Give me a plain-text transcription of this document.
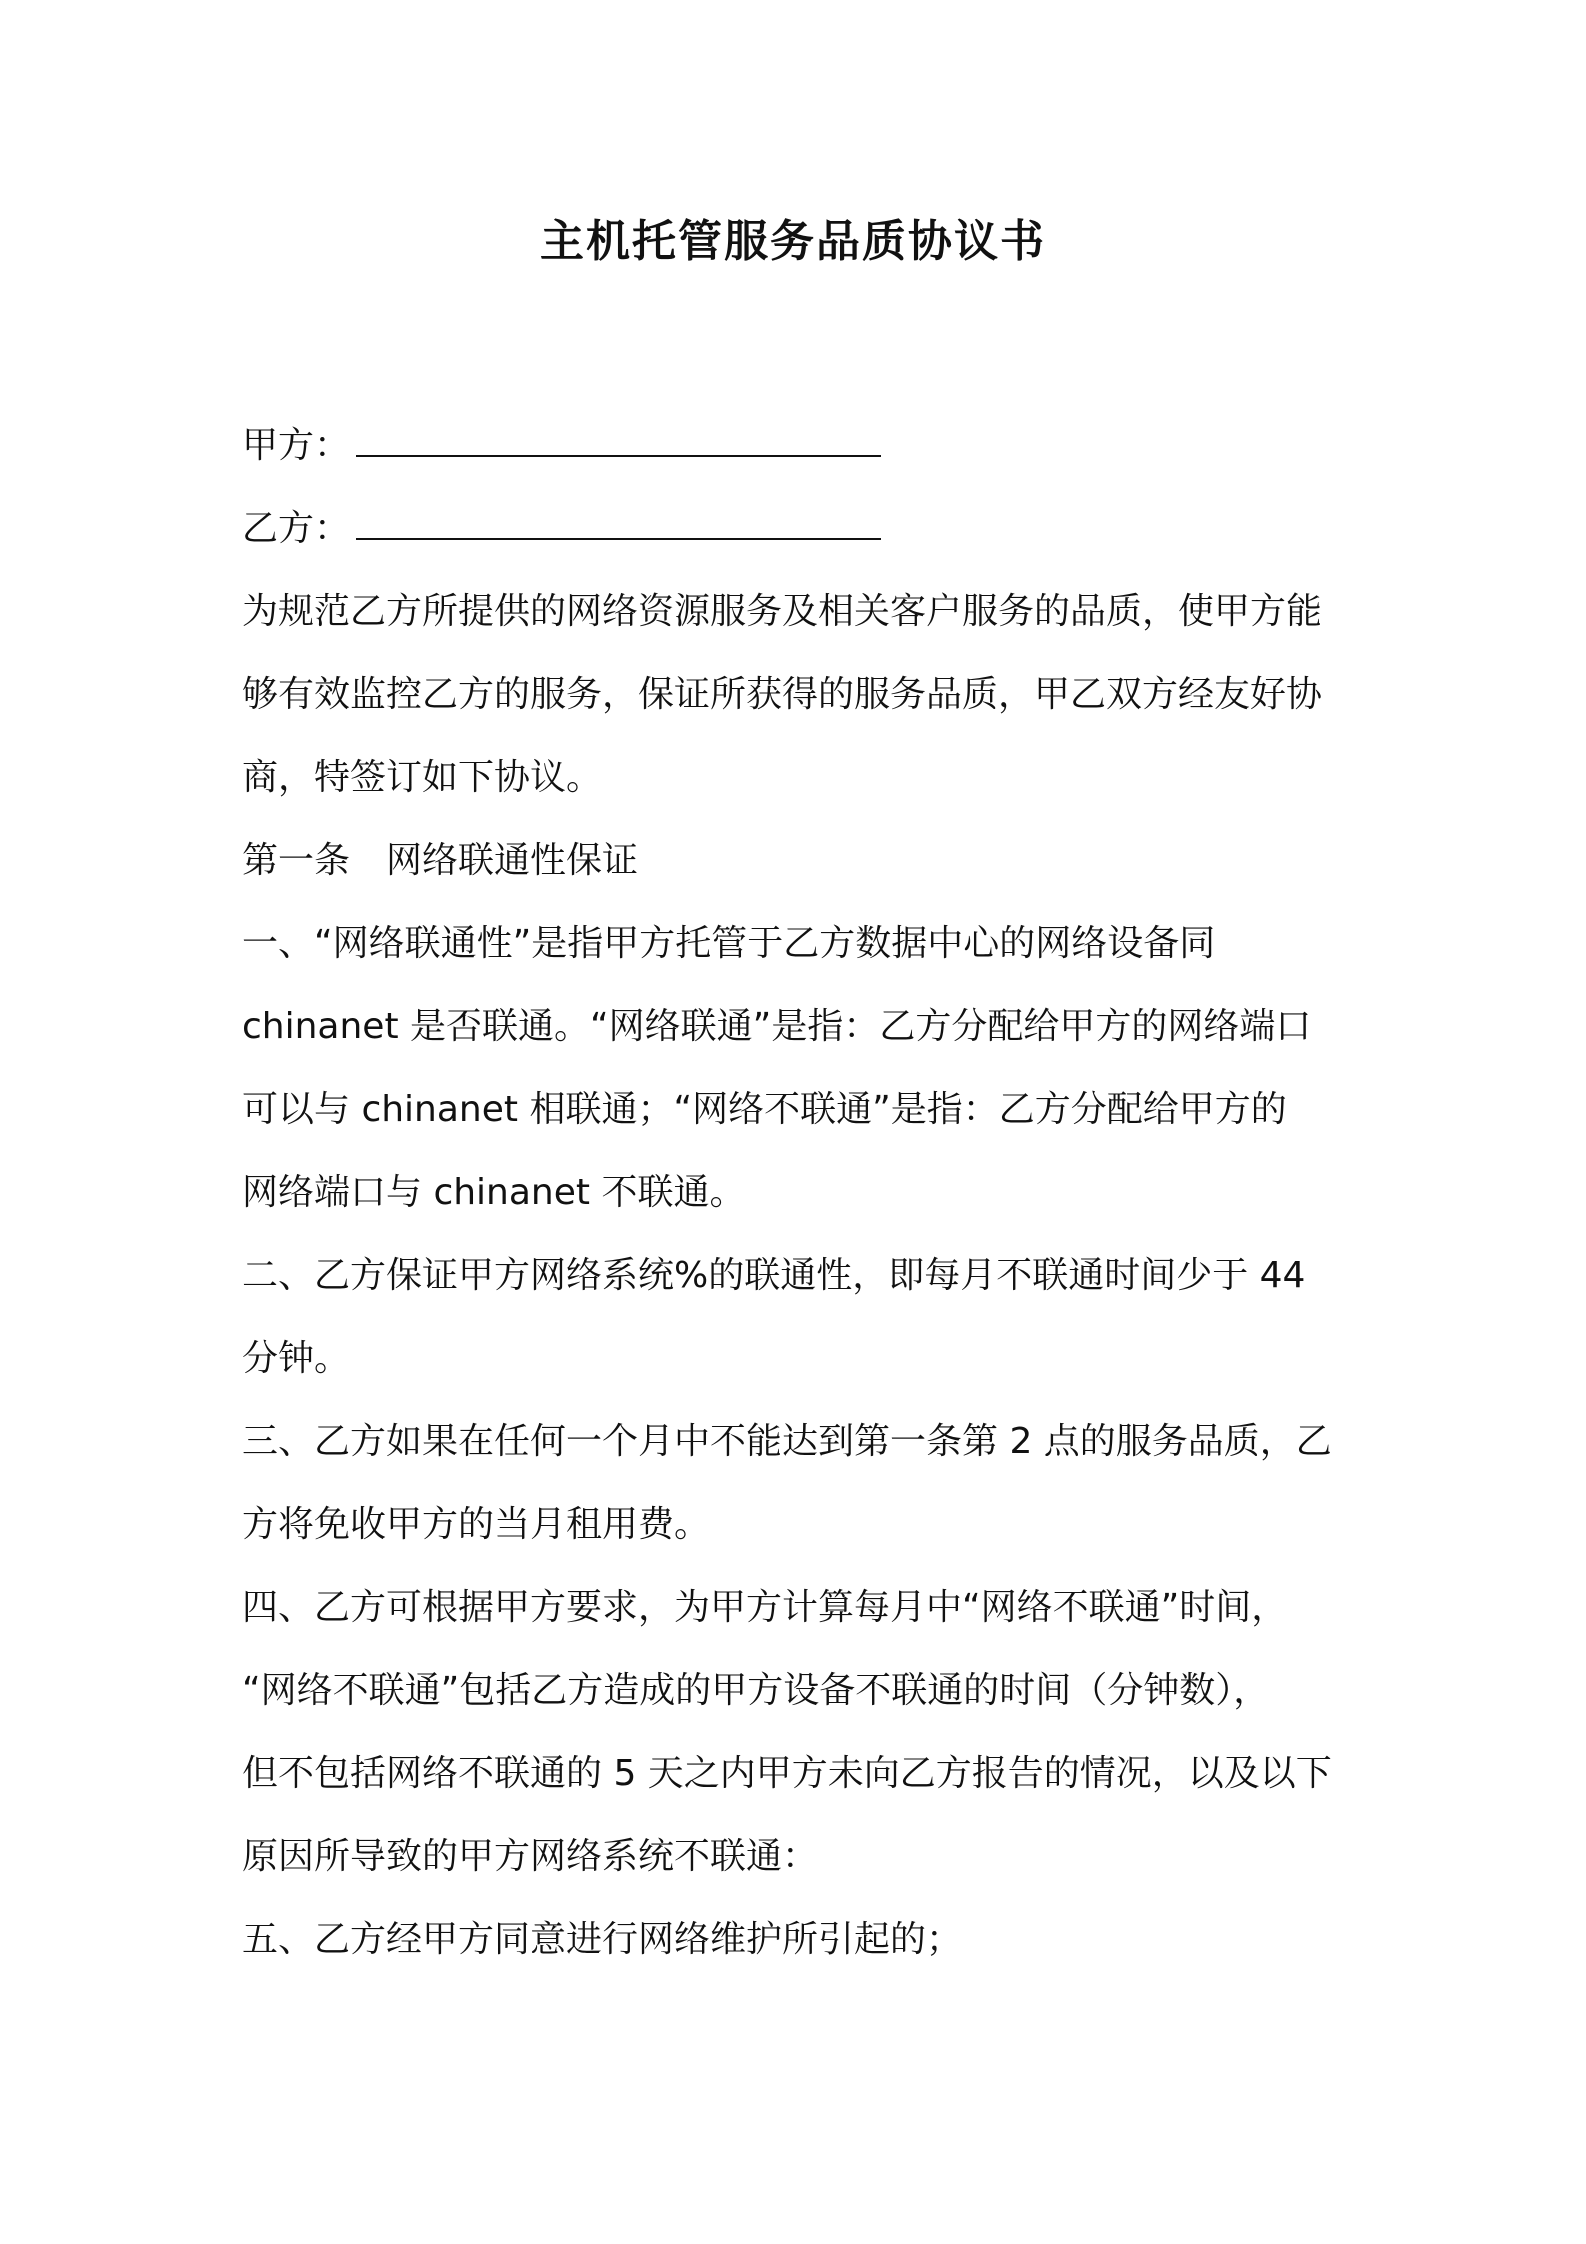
主机托管服务品质协议书
甲方：
乙方：
为规范乙方所提供的网络资源服务及相关客户服务的品质，使甲方能
够有效监控乙方的服务，保证所获得的服务品质，甲乙双方经友好协
商，特签订如下协议。
第一条　网络联通性保证
一、“网络联通性”是指甲方托管于乙方数据中心的网络设备同
chinanet 是否联通。“网络联通”是指：乙方分配给甲方的网络端口
可以与 chinanet 相联通；“网络不联通”是指：乙方分配给甲方的
网络端口与 chinanet 不联通。
二、乙方保证甲方网络系统%的联通性，即每月不联通时间少于 44
分钟。
三、乙方如果在任何一个月中不能达到第一条第 2 点的服务品质，乙
方将免收甲方的当月租用费。
四、乙方可根据甲方要求，为甲方计算每月中“网络不联通”时间，
“网络不联通”包括乙方造成的甲方设备不联通的时间（分钟数），
但不包括网络不联通的 5 天之内甲方未向乙方报告的情况，以及以下
原因所导致的甲方网络系统不联通：
五、乙方经甲方同意进行网络维护所引起的；
